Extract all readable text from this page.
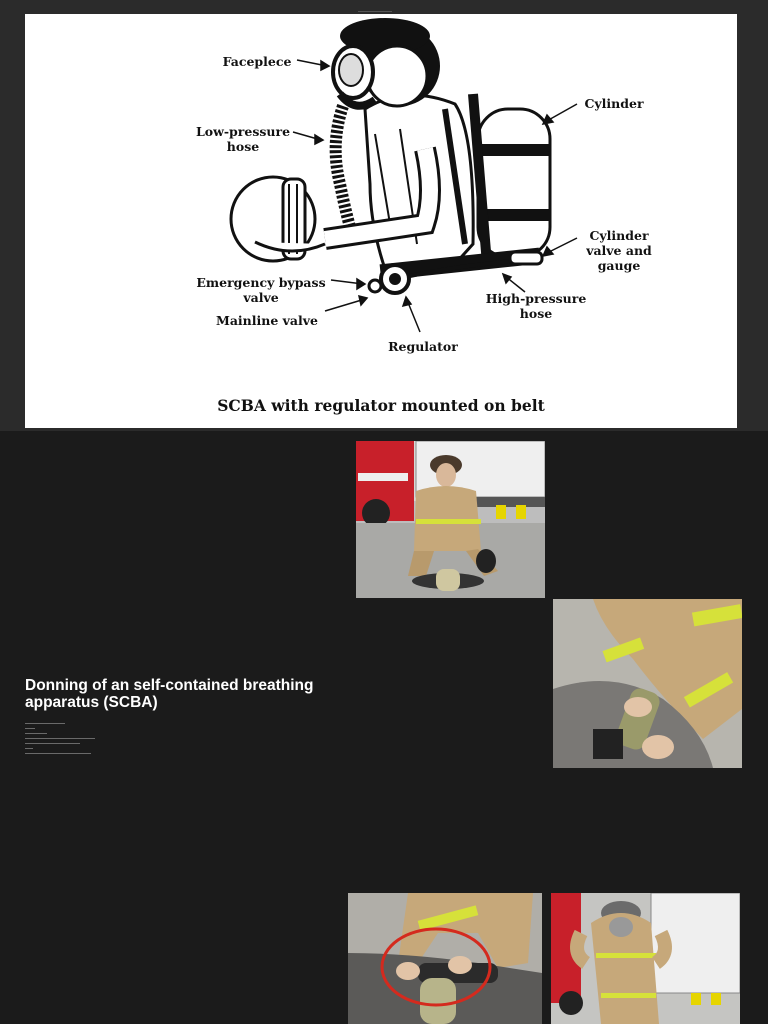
Faceplece
Low-pressure
hose
Cylinder
Cylinder
valve and
gauge
Emergency bypass
valve
Mainline valve
High-pressure
hose
Regulator
SCBA with regulator mounted on belt
Donning of an self-contained breathing apparatus (SCBA)
